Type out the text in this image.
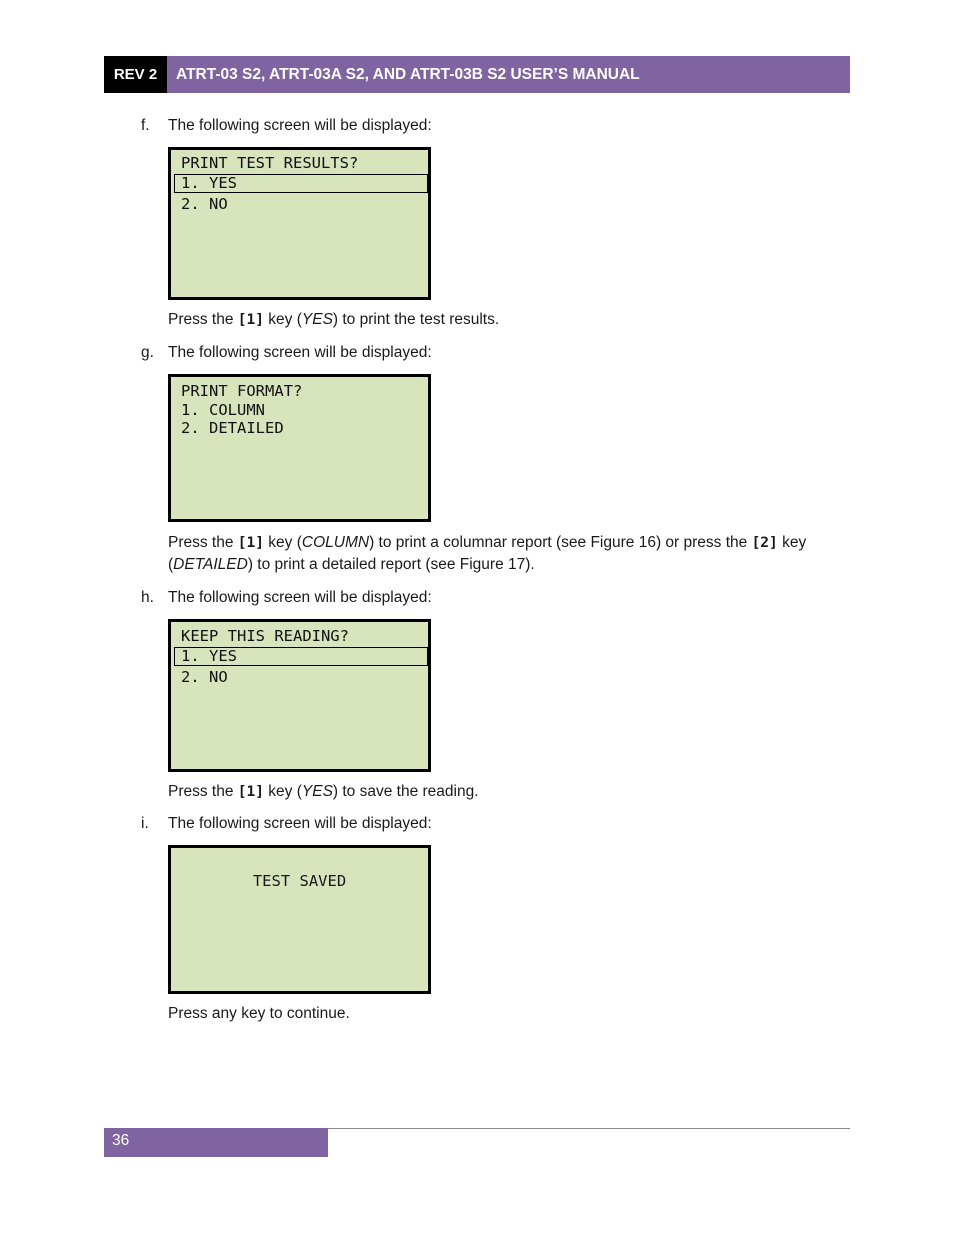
REV 2	ATRT-03 S2, ATRT-03A S2, AND ATRT-03B S2 USER’S MANUAL
f. The following screen will be displayed:
PRINT TEST RESULTS?
1. YES
2. NO
Press the [1] key (YES) to print the test results.
g. The following screen will be displayed:
PRINT FORMAT?
1. COLUMN
2. DETAILED
Press the [1] key (COLUMN) to print a columnar report (see Figure 16) or press the [2] key (DETAILED) to print a detailed report (see Figure 17).
h. The following screen will be displayed:
KEEP THIS READING?
1. YES
2. NO
Press the [1] key (YES) to save the reading.
i. The following screen will be displayed:
TEST SAVED
Press any key to continue.
36
